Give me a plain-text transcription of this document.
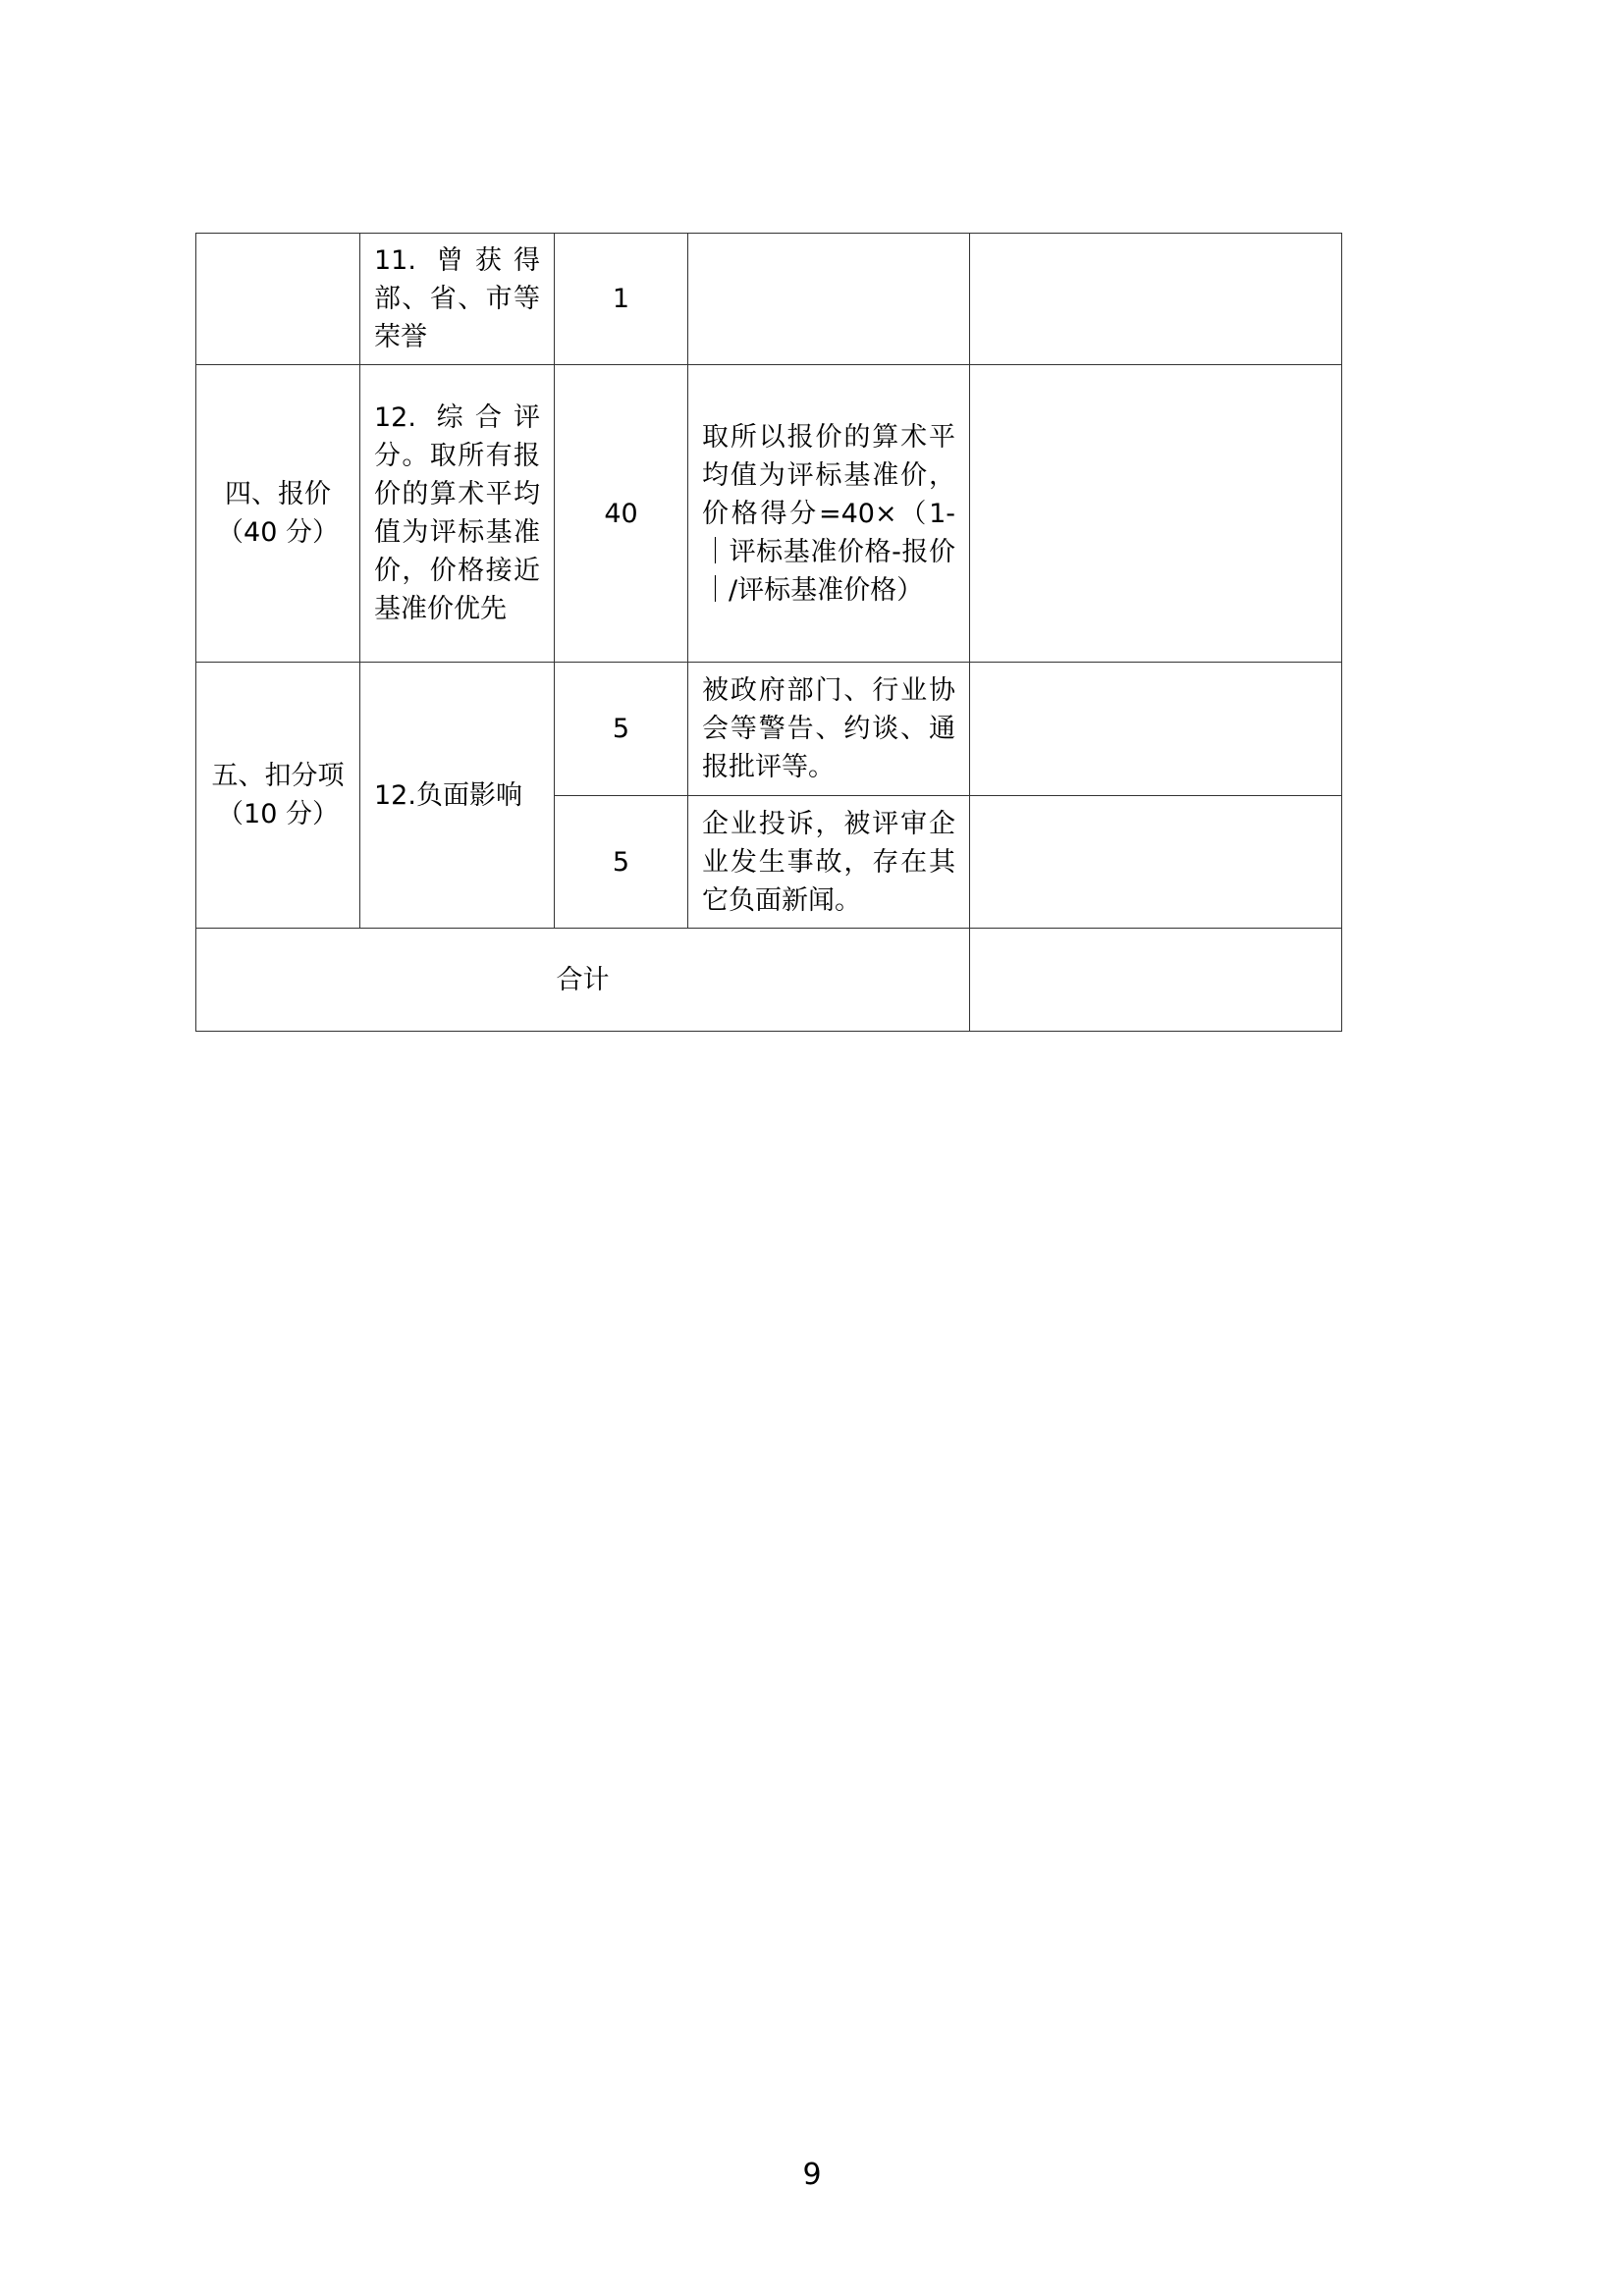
	11. 曾获得部、省、市等荣誉	1		
四、报价（40 分）	12. 综合评分。取所有报价的算术平均值为评标基准价，价格接近基准价优先	40	取所以报价的算术平均值为评标基准价，价格得分=40×（1-｜评标基准价格-报价｜/评标基准价格）	
五、扣分项（10 分）	12.负面影响	5	被政府部门、行业协会等警告、约谈、通报批评等。	
		5	企业投诉，被评审企业发生事故，存在其它负面新闻。	
合计				
9
